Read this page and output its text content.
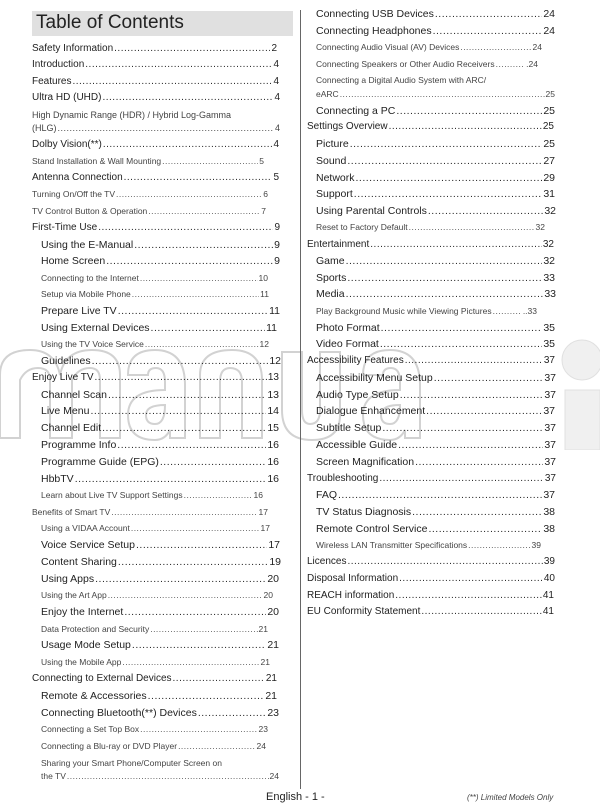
Table of Contents
Safety Information .....	2
Introduction .....	4
Features .....	4
Ultra HD (UHD) .....	4
High Dynamic Range (HDR) / Hybrid Log-Gamma
(HLG) .....	4
Dolby Vision(**) .....	4
Stand Installation & Wall Mounting .....	5
Antenna Connection .....	5
Turning On/Off the TV .....	6
TV Control Button & Operation .....	7
First-Time Use .....	9
Using the E-Manual .....	9
Home Screen .....	9
Connecting to the Internet .....	10
Setup via Mobile Phone .....	11
Prepare Live TV .....	11
Using External Devices .....	11
Using the TV Voice Service .....	12
Guidelines .....	12
Enjoy Live TV .....	13
Channel Scan .....	13
Live Menu .....	14
Channel Edit .....	15
Programme Info .....	16
Programme Guide (EPG) .....	16
HbbTV .....	16
Learn about Live TV Support Settings .....	16
Benefits of Smart TV .....	17
Using a VIDAA Account .....	17
Voice Service Setup .....	17
Content Sharing .....	19
Using Apps .....	20
Using the Art App .....	20
Enjoy the Internet .....	20
Data Protection and Security .....	21
Usage Mode Setup .....	21
Using the Mobile App .....	21
Connecting to External Devices .....	21
Remote & Accessories .....	21
Connecting Bluetooth(**) Devices .....	23
Connecting a Set Top Box .....	23
Connecting a Blu-ray or DVD Player .....	24
Sharing your Smart Phone/Computer Screen on
the TV .....	24
Connecting USB Devices .....	24
Connecting Headphones .....	24
Connecting Audio Visual (AV) Devices .....	24
Connecting Speakers or Other Audio Receivers .....	.24
Connecting a Digital Audio System with ARC/
eARC .....	25
Connecting a PC .....	25
Settings Overview .....	25
Picture .....	25
Sound .....	27
Network .....	29
Support .....	31
Using Parental Controls .....	32
Reset to Factory Default .....	32
Entertainment .....	32
Game .....	32
Sports .....	33
Media .....	33
Play Background Music while Viewing Pictures .....	..33
Photo Format .....	35
Video Format .....	35
Accessibility Features .....	37
Accessibility Menu Setup .....	37
Audio Type Setup .....	37
Dialogue Enhancement .....	37
Subtitle Setup .....	37
Accessible Guide .....	37
Screen Magnification .....	37
Troubleshooting .....	37
FAQ .....	37
TV Status Diagnosis .....	38
Remote Control Service .....	38
Wireless LAN Transmitter Specifications .....	39
Licences .....	39
Disposal Information .....	40
REACH information .....	41
EU Conformity Statement .....	41
English - 1 -	(**) Limited Models Only
